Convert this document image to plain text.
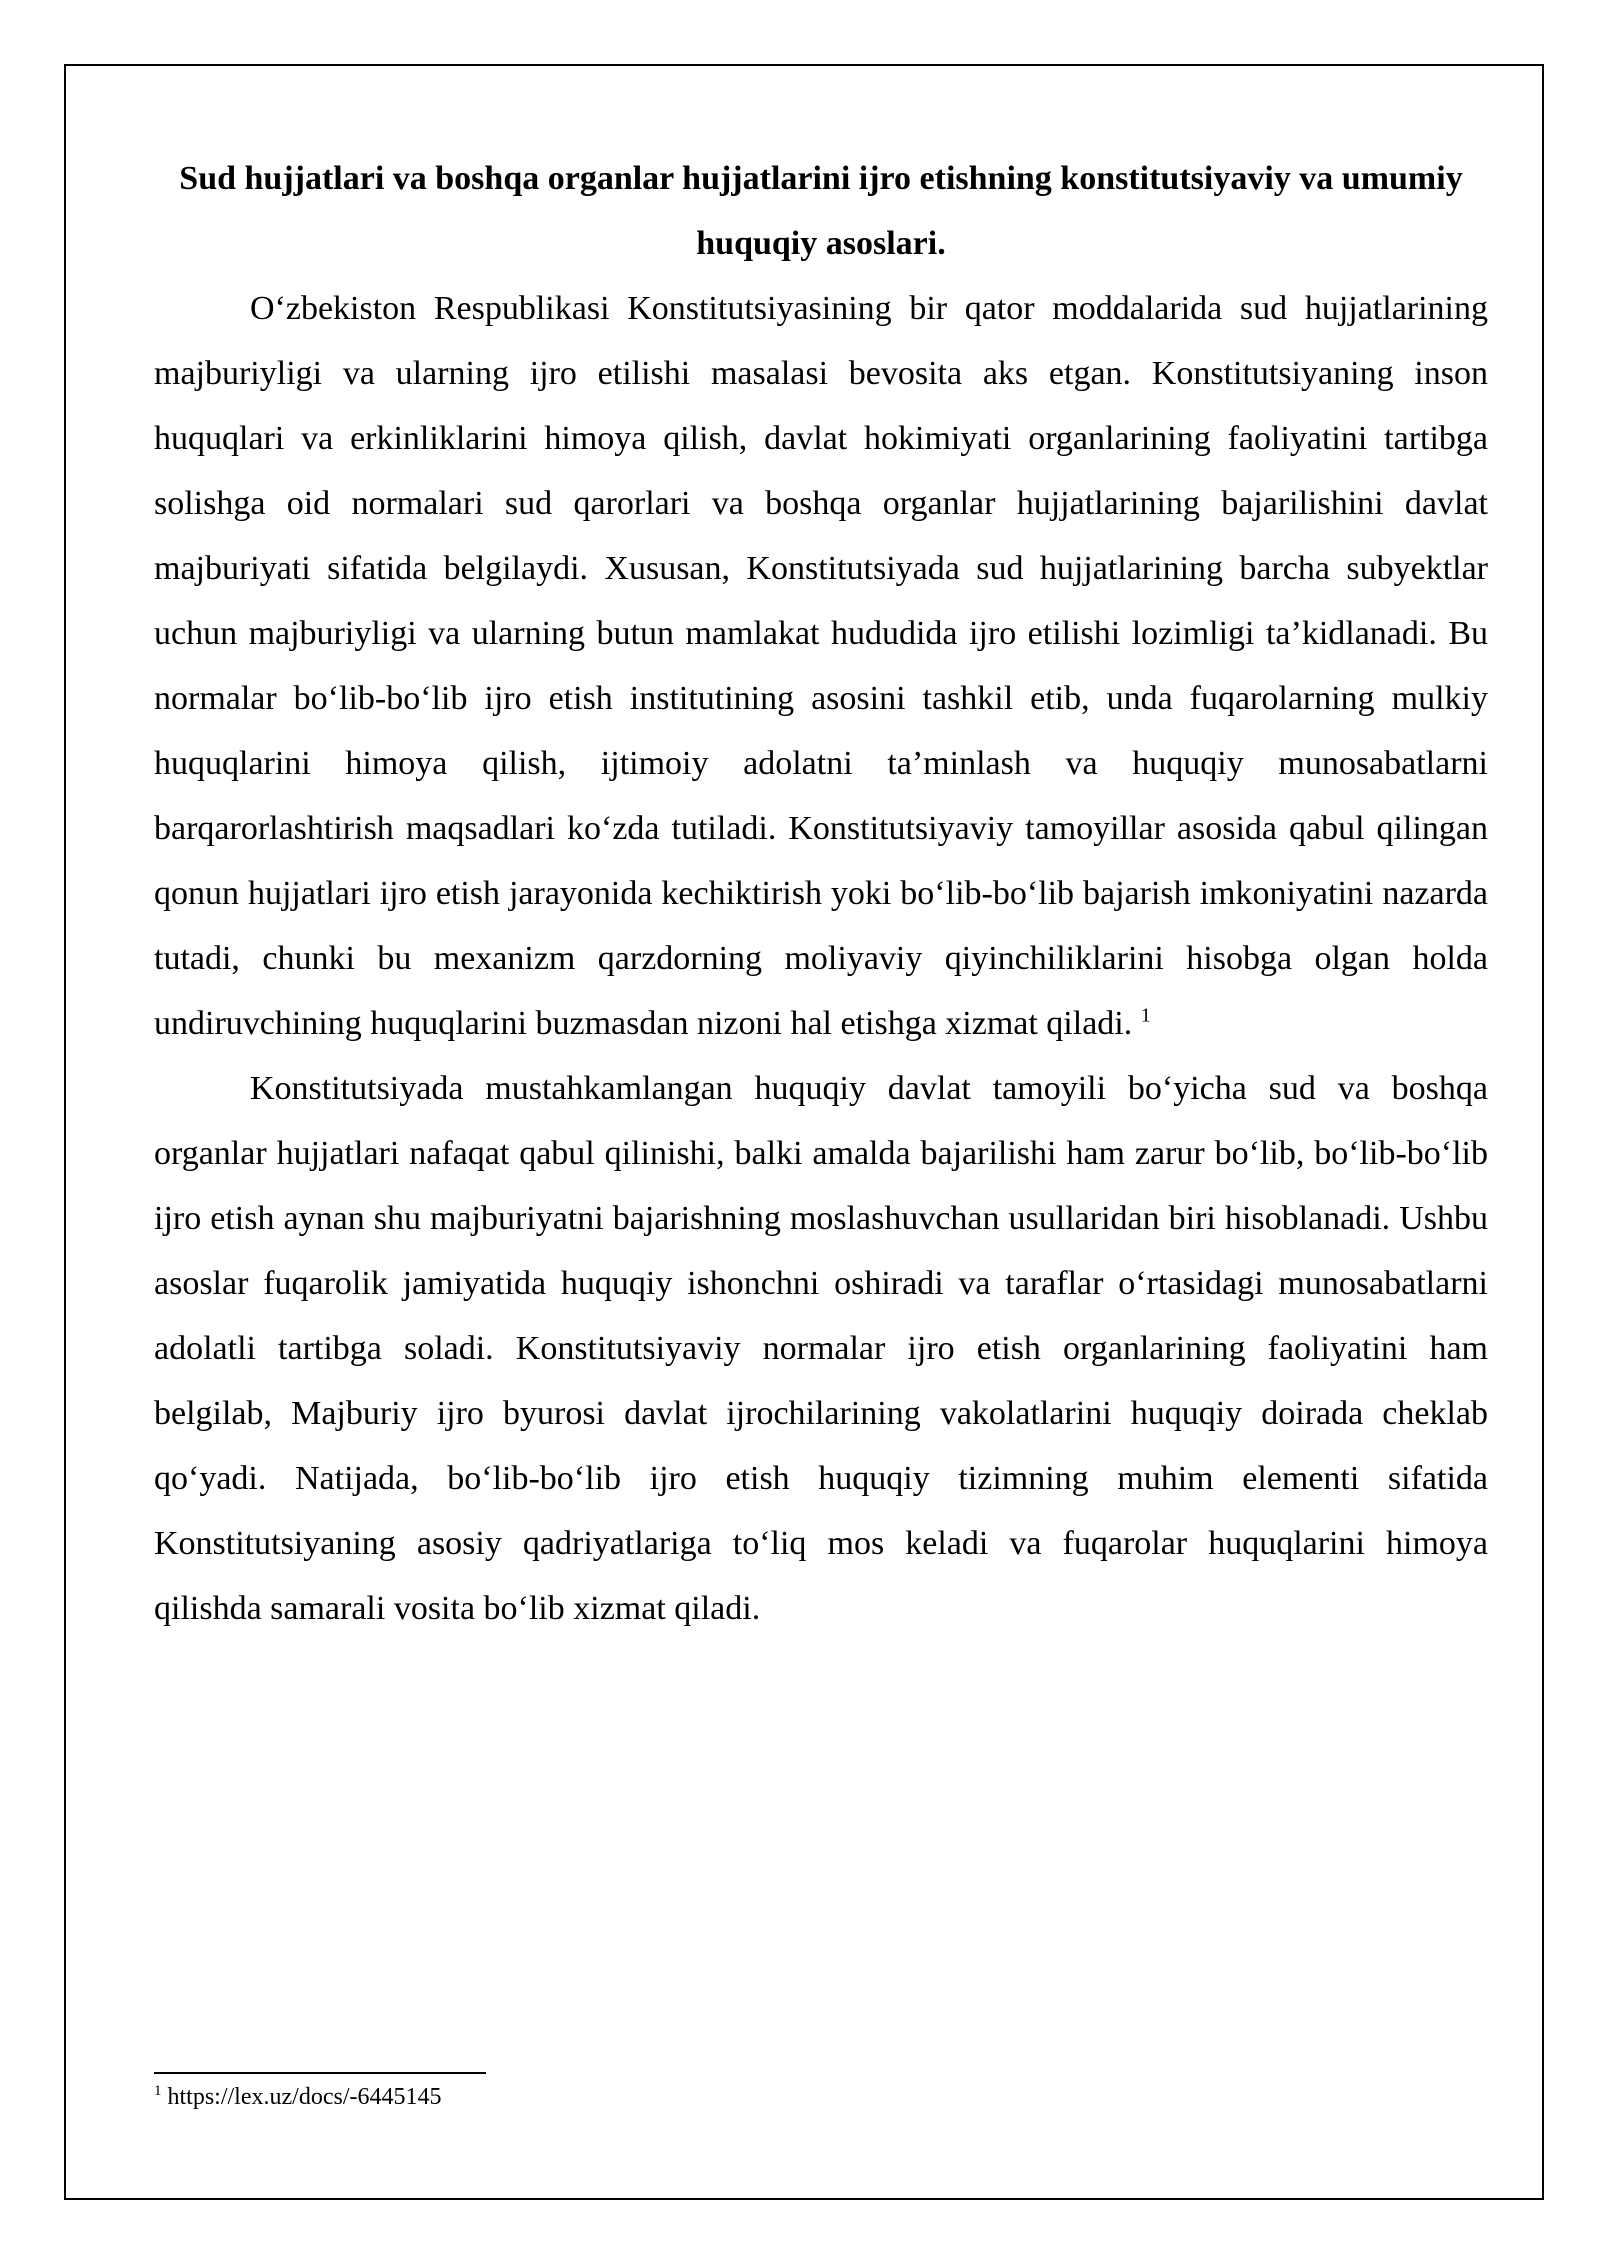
Sud hujjatlari va boshqa organlar hujjatlarini ijro etishning konstitutsiyaviy va umumiy huquqiy asoslari.

O‘zbekiston Respublikasi Konstitutsiyasining bir qator moddalarida sud hujjatlarining majburiyligi va ularning ijro etilishi masalasi bevosita aks etgan. Konstitutsiyaning inson huquqlari va erkinliklarini himoya qilish, davlat hokimiyati organlarining faoliyatini tartibga solishga oid normalari sud qarorlari va boshqa organlar hujjatlarining bajarilishini davlat majburiyati sifatida belgilaydi. Xususan, Konstitutsiyada sud hujjatlarining barcha subyektlar uchun majburiyligi va ularning butun mamlakat hududida ijro etilishi lozimligi ta’kidlanadi. Bu normalar bo‘lib-bo‘lib ijro etish institutining asosini tashkil etib, unda fuqarolarning mulkiy huquqlarini himoya qilish, ijtimoiy adolatni ta’minlash va huquqiy munosabatlarni barqarorlashtirish maqsadlari ko‘zda tutiladi. Konstitutsiyaviy tamoyillar asosida qabul qilingan qonun hujjatlari ijro etish jarayonida kechiktirish yoki bo‘lib-bo‘lib bajarish imkoniyatini nazarda tutadi, chunki bu mexanizm qarzdorning moliyaviy qiyinchiliklarini hisobga olgan holda undiruvchining huquqlarini buzmasdan nizoni hal etishga xizmat qiladi. $^1$

Konstitutsiyada mustahkamlangan huquqiy davlat tamoyili bo‘yicha sud va boshqa organlar hujjatlari nafaqat qabul qilinishi, balki amalda bajarilishi ham zarur bo‘lib, bo‘lib-bo‘lib ijro etish aynan shu majburiyatni bajarishning moslashuvchan usullaridan biri hisoblanadi. Ushbu asoslar fuqarolik jamiyatida huquqiy ishonchni oshiradi va taraflar o‘rtasidagi munosabatlarni adolatli tartibga soladi. Konstitutsiyaviy normalar ijro etish organlarining faoliyatini ham belgilab, Majburiy ijro byurosi davlat ijrochilarining vakolatlarini huquqiy doirada cheklab qo‘yadi. Natijada, bo‘lib-bo‘lib ijro etish huquqiy tizimning muhim elementi sifatida Konstitutsiyaning asosiy qadriyatlariga to‘liq mos keladi va fuqarolar huquqlarini himoya qilishda samarali vosita bo‘lib xizmat qiladi.

$^1$ https://lex.uz/docs/-6445145
